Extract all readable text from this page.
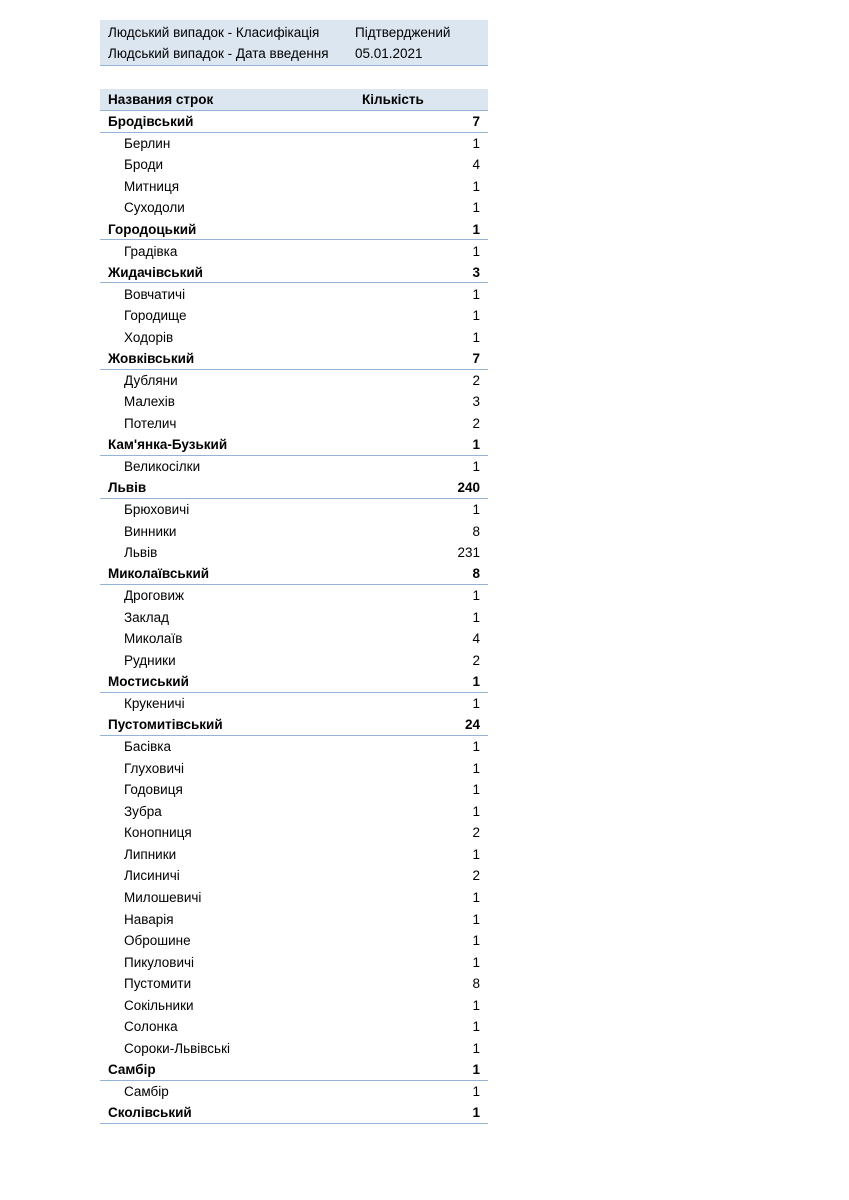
Людський випадок - Класифікація	Підтверджений
Людський випадок - Дата введення	05.01.2021
Названия строк	Кількість
Бродівський	7
Берлин	1
Броди	4
Митниця	1
Суходоли	1
Городоцький	1
Градівка	1
Жидачівський	3
Вовчатичі	1
Городище	1
Ходорів	1
Жовківський	7
Дубляни	2
Малехів	3
Потелич	2
Кам'янка-Бузький	1
Великосілки	1
Львів	240
Брюховичі	1
Винники	8
Львів	231
Миколаївський	8
Дроговиж	1
Заклад	1
Миколаїв	4
Рудники	2
Мостиський	1
Крукеничі	1
Пустомитівський	24
Басівка	1
Глуховичі	1
Годовиця	1
Зубра	1
Конопниця	2
Липники	1
Лисиничі	2
Милошевичі	1
Наварія	1
Оброшине	1
Пикуловичі	1
Пустомити	8
Сокільники	1
Солонка	1
Сороки-Львівські	1
Самбір	1
Самбір	1
Сколівський	1
